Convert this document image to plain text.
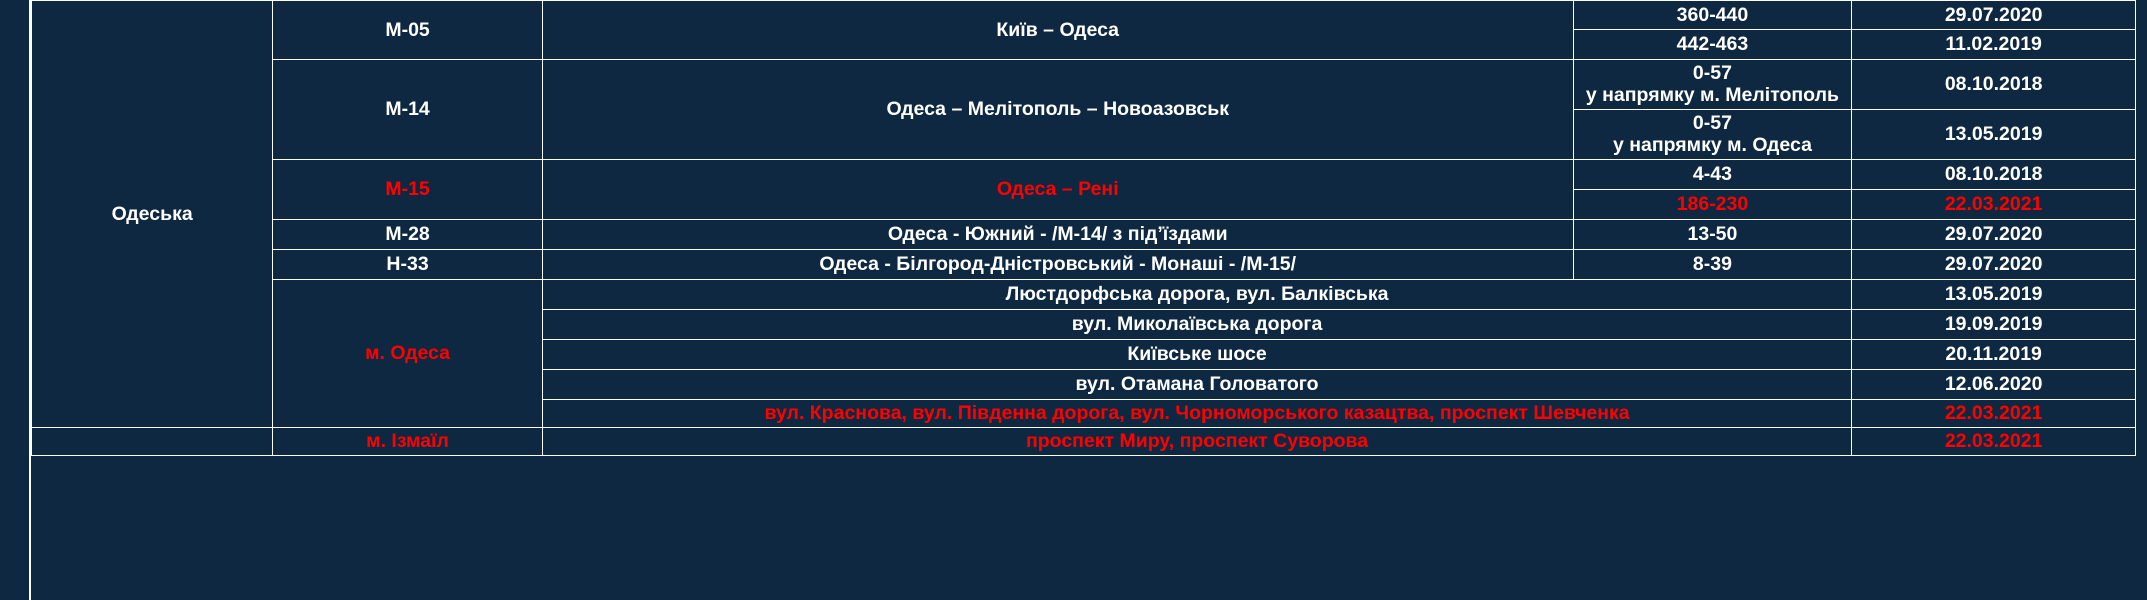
Одеська	М-05	Київ – Одеса	360-440	29.07.2020
			442-463	11.02.2019
	М-14	Одеса – Мелітополь – Новоазовськ	0-57
у напрямку м. Мелітополь	08.10.2018
			0-57
у напрямку м. Одеса	13.05.2019
	М-15	Одеса – Рені	4-43	08.10.2018
			186-230	22.03.2021
	М-28	Одеса - Южний - /М-14/ з під’їздами	13-50	29.07.2020
	Н-33	Одеса - Білгород-Дністровський - Монаші - /М-15/	8-39	29.07.2020
	м. Одеса	Люстдорфська дорога, вул. Балківська		13.05.2019
		вул. Миколаївська дорога		19.09.2019
		Київське шосе		20.11.2019
		вул. Отамана Головатого		12.06.2020
		вул. Краснова, вул. Південна дорога, вул. Чорноморського казацтва, проспект Шевченка		22.03.2021
	м. Ізмаїл	проспект Миру, проспект Суворова		22.03.2021
